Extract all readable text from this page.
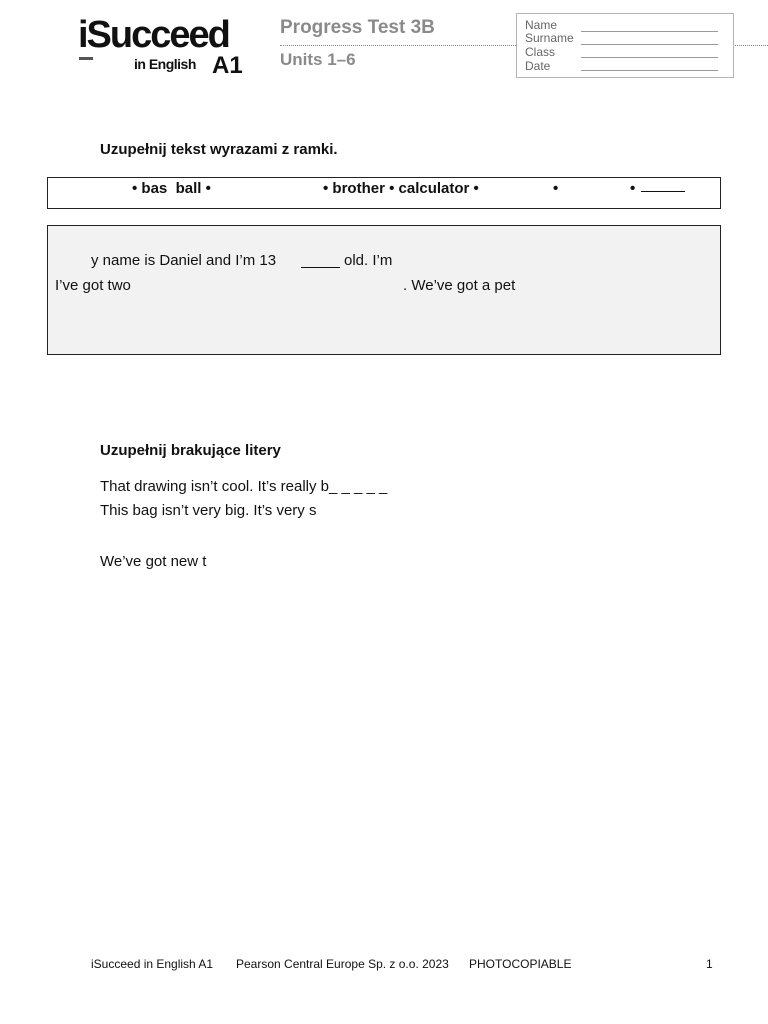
iSucceed
in English A1
Progress Test 3B
Units 1–6
Name
Surname
Class
Date
Uzupełnij tekst wyrazami z ramki.
• bas  ball •	• brother • calculator •	•	•
y name is Daniel and I’m 13	old. I’m
I’ve got two	. We’ve got a pet
Uzupełnij brakujące litery
That drawing isn’t cool. It’s really b_ _ _ _ _
This bag isn’t very big. It’s very s
We’ve got new t
iSucceed in English A1 Pearson Central Europe Sp. z o.o. 2023 PHOTOCOPIABLE	1
